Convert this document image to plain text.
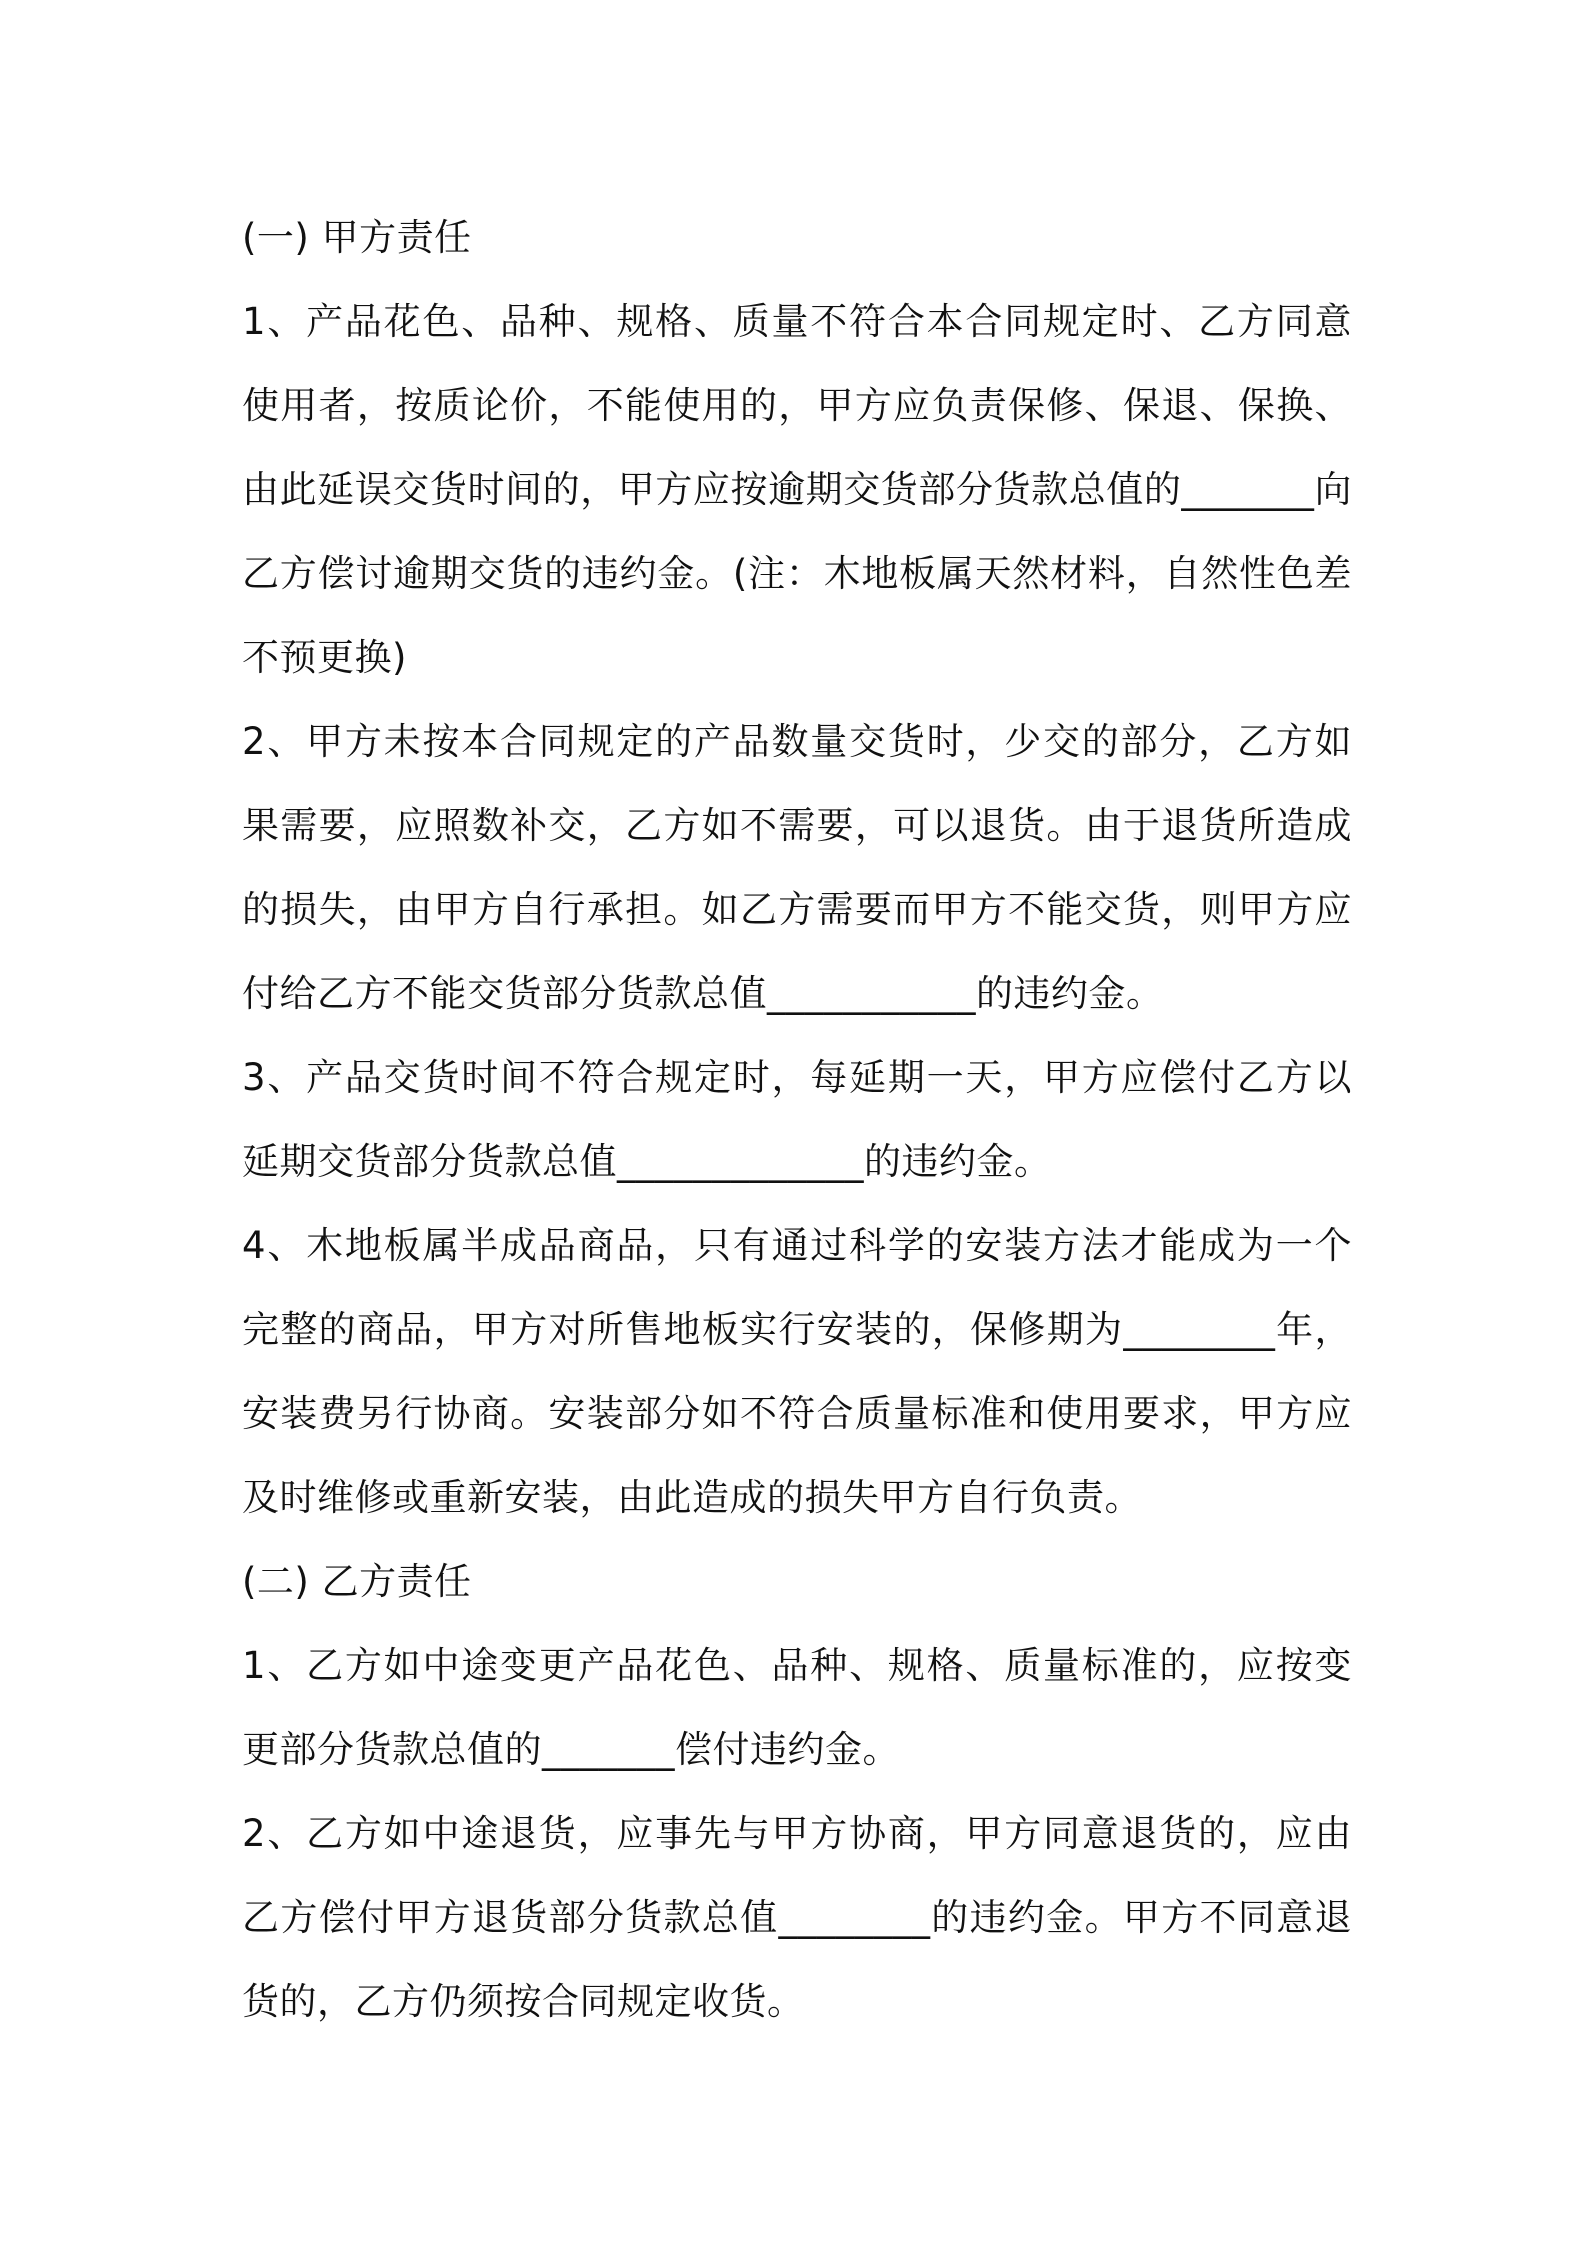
(一) 甲方责任

1、产品花色、品种、规格、质量不符合本合同规定时、乙方同意使用者，按质论价，不能使用的，甲方应负责保修、保退、保换、由此延误交货时间的，甲方应按逾期交货部分货款总值的_______向乙方偿讨逾期交货的违约金。(注：木地板属天然材料，自然性色差不预更换)

2、甲方未按本合同规定的产品数量交货时，少交的部分，乙方如果需要，应照数补交，乙方如不需要，可以退货。由于退货所造成的损失，由甲方自行承担。如乙方需要而甲方不能交货，则甲方应付给乙方不能交货部分货款总值___________的违约金。

3、产品交货时间不符合规定时，每延期一天，甲方应偿付乙方以延期交货部分货款总值_____________的违约金。

4、木地板属半成品商品，只有通过科学的安装方法才能成为一个完整的商品，甲方对所售地板实行安装的，保修期为________年，安装费另行协商。安装部分如不符合质量标准和使用要求，甲方应及时维修或重新安装，由此造成的损失甲方自行负责。

(二) 乙方责任

1、乙方如中途变更产品花色、品种、规格、质量标准的，应按变更部分货款总值的_______偿付违约金。

2、乙方如中途退货，应事先与甲方协商，甲方同意退货的，应由乙方偿付甲方退货部分货款总值________的违约金。甲方不同意退货的，乙方仍须按合同规定收货。
